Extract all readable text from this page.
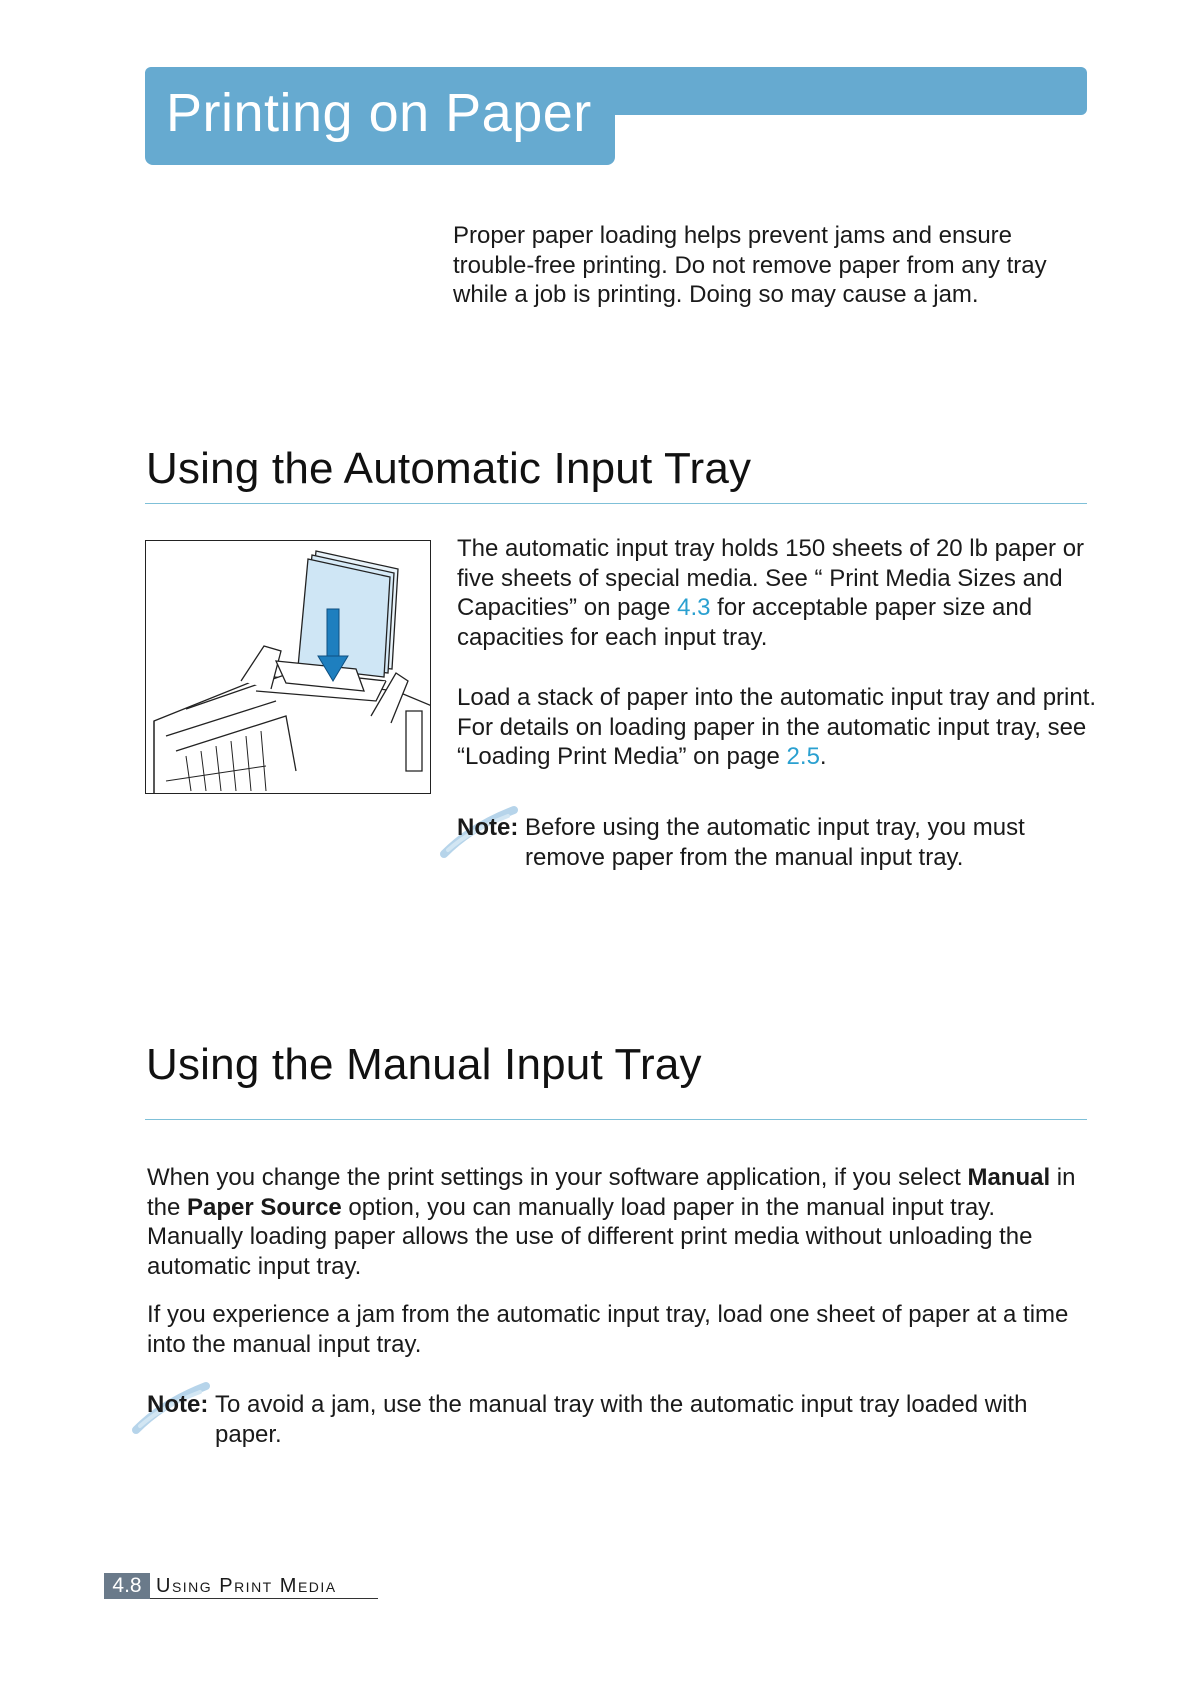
Printing on Paper
Proper paper loading helps prevent jams and ensure trouble-free printing. Do not remove paper from any tray while a job is printing. Doing so may cause a jam.
Using the Automatic Input Tray
The automatic input tray holds 150 sheets of 20 lb paper or five sheets of special media. See “ Print Media Sizes and Capacities” on page 4.3 for acceptable paper size and capacities for each input tray.
Load a stack of paper into the automatic input tray and print. For details on loading paper in the automatic input tray, see “Loading Print Media” on page 2.5.
Note: Before using the automatic input tray, you must remove paper from the manual input tray.
Using the Manual Input Tray
When you change the print settings in your software application, if you select Manual in the Paper Source option, you can manually load paper in the manual input tray. Manually loading paper allows the use of different print media without unloading the automatic input tray.
If you experience a jam from the automatic input tray, load one sheet of paper at a time into the manual input tray.
Note: To avoid a jam, use the manual tray with the automatic input tray loaded with paper.
4.8 Using Print Media
